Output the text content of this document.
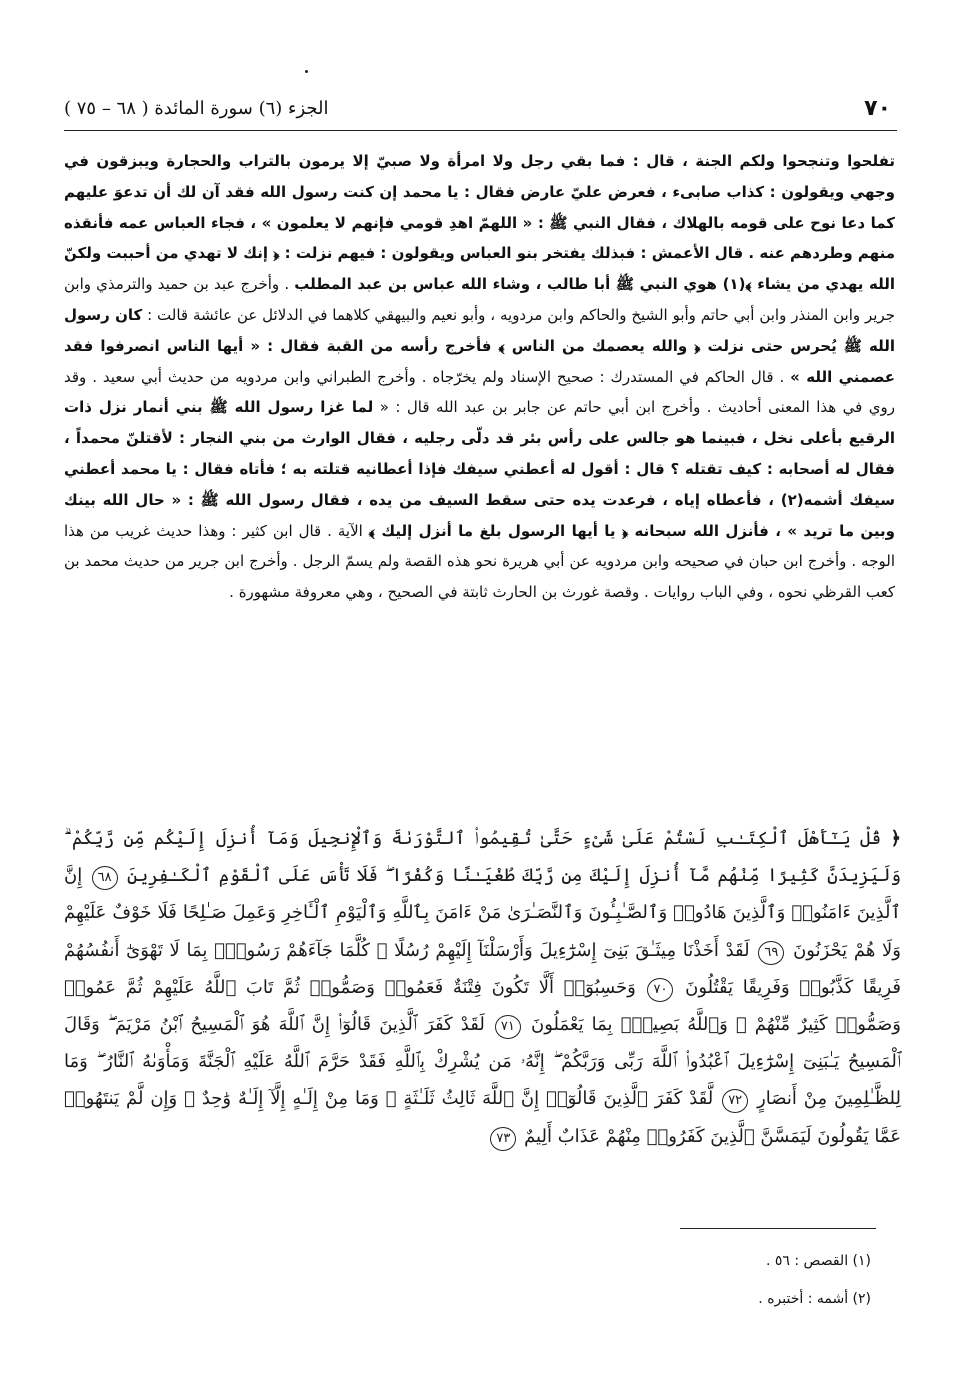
٧٠
الجزء (٦) سورة المائدة ( ٦٨ – ٧٥ )

تفلحوا وتنجحوا ولكم الجنة ، قال : فما بقي رجل ولا امرأة ولا صبيّ إلا يرمون بالتراب والحجارة ويبزقون في وجهي ويقولون : كذاب صابىء ، فعرض عليّ عارض فقال : يا محمد إن كنت رسول الله فقد آن لك أن تدعوَ عليهم كما دعا نوح على قومه بالهلاك ، فقال النبي ﷺ : « اللهمّ اهدِ قومي فإنهم لا يعلمون » ، فجاء العباس عمه فأنقذه منهم وطردهم عنه . قال الأعمش : فبذلك يفتخر بنو العباس ويقولون : فيهم نزلت : ﴿ إنك لا تهدي من أحببت ولكنّ الله يهدي من يشاء ﴾(١) هوي النبي ﷺ أبا طالب ، وشاء الله عباس بن عبد المطلب . وأخرج عبد بن حميد والترمذي وابن جرير وابن المنذر وابن أبي حاتم وأبو الشيخ والحاكم وابن مردويه ، وأبو نعيم والبيهقي كلاهما في الدلائل عن عائشة قالت : كان رسول الله ﷺ يُحرس حتى نزلت ﴿ والله يعصمك من الناس ﴾ فأخرج رأسه من القبة فقال : « أيها الناس انصرفوا فقد عصمني الله » . قال الحاكم في المستدرك : صحيح الإسناد ولم يخرّجاه . وأخرج الطبراني وابن مردويه من حديث أبي سعيد . وقد روي في هذا المعنى أحاديث . وأخرج ابن أبي حاتم عن جابر بن عبد الله قال : « لما غزا رسول الله ﷺ بني أنمار نزل ذات الرقيع بأعلى نخل ، فبينما هو جالس على رأس بئر قد دلّى رجليه ، فقال الوارث من بني النجار : لأقتلنّ محمداً ، فقال له أصحابه : كيف تقتله ؟ قال : أقول له أعطني سيفك فإذا أعطانيه قتلته به ؛ فأتاه فقال : يا محمد أعطني سيفك أشمه(٢) ، فأعطاه إياه ، فرعدت يده حتى سقط السيف من يده ، فقال رسول الله ﷺ : « حال الله بينك وبين ما تريد » ، فأنزل الله سبحانه ﴿ يا أيها الرسول بلغ ما أنزل إليك ﴾ الآية . قال ابن كثير : وهذا حديث غريب من هذا الوجه . وأخرج ابن حبان في صحيحه وابن مردويه عن أبي هريرة نحو هذه القصة ولم يسمّ الرجل . وأخرج ابن جرير من حديث محمد بن كعب القرظي نحوه ، وفي الباب روايات . وقصة غورث بن الحارث ثابتة في الصحيح ، وهي معروفة مشهورة .

﴿ قُلْ يَـٰٓأَهْلَ ٱلْكِتَـٰبِ لَسْتُمْ عَلَىٰ شَىْءٍ حَتَّىٰ تُقِيمُوا۟ ٱلتَّوْرَىٰةَ وَٱلْإِنجِيلَ وَمَآ أُنزِلَ إِلَيْكُم مِّن رَّبِّكُمْ ۗ وَلَيَزِيدَنَّ كَثِيرًا مِّنْهُم مَّآ أُنزِلَ إِلَيْكَ مِن رَّبِّكَ طُغْيَـٰنًا وَكُفْرًا ۖ فَلَا تَأْسَ عَلَى ٱلْقَوْمِ ٱلْكَـٰفِرِينَ ٦٨ إِنَّ ٱلَّذِينَ ءَامَنُوا۟ وَٱلَّذِينَ هَادُوا۟ وَٱلصَّـٰبِـُٔونَ وَٱلنَّصَـٰرَىٰ مَنْ ءَامَنَ بِٱللَّهِ وَٱلْيَوْمِ ٱلْـَٔاخِرِ وَعَمِلَ صَـٰلِحًا فَلَا خَوْفٌ عَلَيْهِمْ وَلَا هُمْ يَحْزَنُونَ ٦٩ لَقَدْ أَخَذْنَا مِيثَـٰقَ بَنِىٓ إِسْرَٰٓءِيلَ وَأَرْسَلْنَآ إِلَيْهِمْ رُسُلًا ۖ كُلَّمَا جَآءَهُمْ رَسُولٌۢ بِمَا لَا تَهْوَىٰٓ أَنفُسُهُمْ فَرِيقًا كَذَّبُوا۟ وَفَرِيقًا يَقْتُلُونَ ٧٠ وَحَسِبُوٓا۟ أَلَّا تَكُونَ فِتْنَةٌ فَعَمُوا۟ وَصَمُّوا۟ ثُمَّ تَابَ ٱللَّهُ عَلَيْهِمْ ثُمَّ عَمُوا۟ وَصَمُّوا۟ كَثِيرٌ مِّنْهُمْ ۚ وَٱللَّهُ بَصِيرٌۢ بِمَا يَعْمَلُونَ ٧١ لَقَدْ كَفَرَ ٱلَّذِينَ قَالُوٓا۟ إِنَّ ٱللَّهَ هُوَ ٱلْمَسِيحُ ٱبْنُ مَرْيَمَ ۖ وَقَالَ ٱلْمَسِيحُ يَـٰبَنِىٓ إِسْرَٰٓءِيلَ ٱعْبُدُوا۟ ٱللَّهَ رَبِّى وَرَبَّكُمْ ۖ إِنَّهُۥ مَن يُشْرِكْ بِٱللَّهِ فَقَدْ حَرَّمَ ٱللَّهُ عَلَيْهِ ٱلْجَنَّةَ وَمَأْوَىٰهُ ٱلنَّارُ ۖ وَمَا لِلظَّـٰلِمِينَ مِنْ أَنصَارٍ ٧٢ لَّقَدْ كَفَرَ ٱلَّذِينَ قَالُوٓا۟ إِنَّ ٱللَّهَ ثَالِثُ ثَلَـٰثَةٍ ۘ وَمَا مِنْ إِلَـٰهٍ إِلَّآ إِلَـٰهٌ وَٰحِدٌ ۚ وَإِن لَّمْ يَنتَهُوا۟ عَمَّا يَقُولُونَ لَيَمَسَّنَّ ٱلَّذِينَ كَفَرُوا۟ مِنْهُمْ عَذَابٌ أَلِيمٌ ٧٣
(١) القصص : ٥٦ .
(٢) أشمه : أختبره .
